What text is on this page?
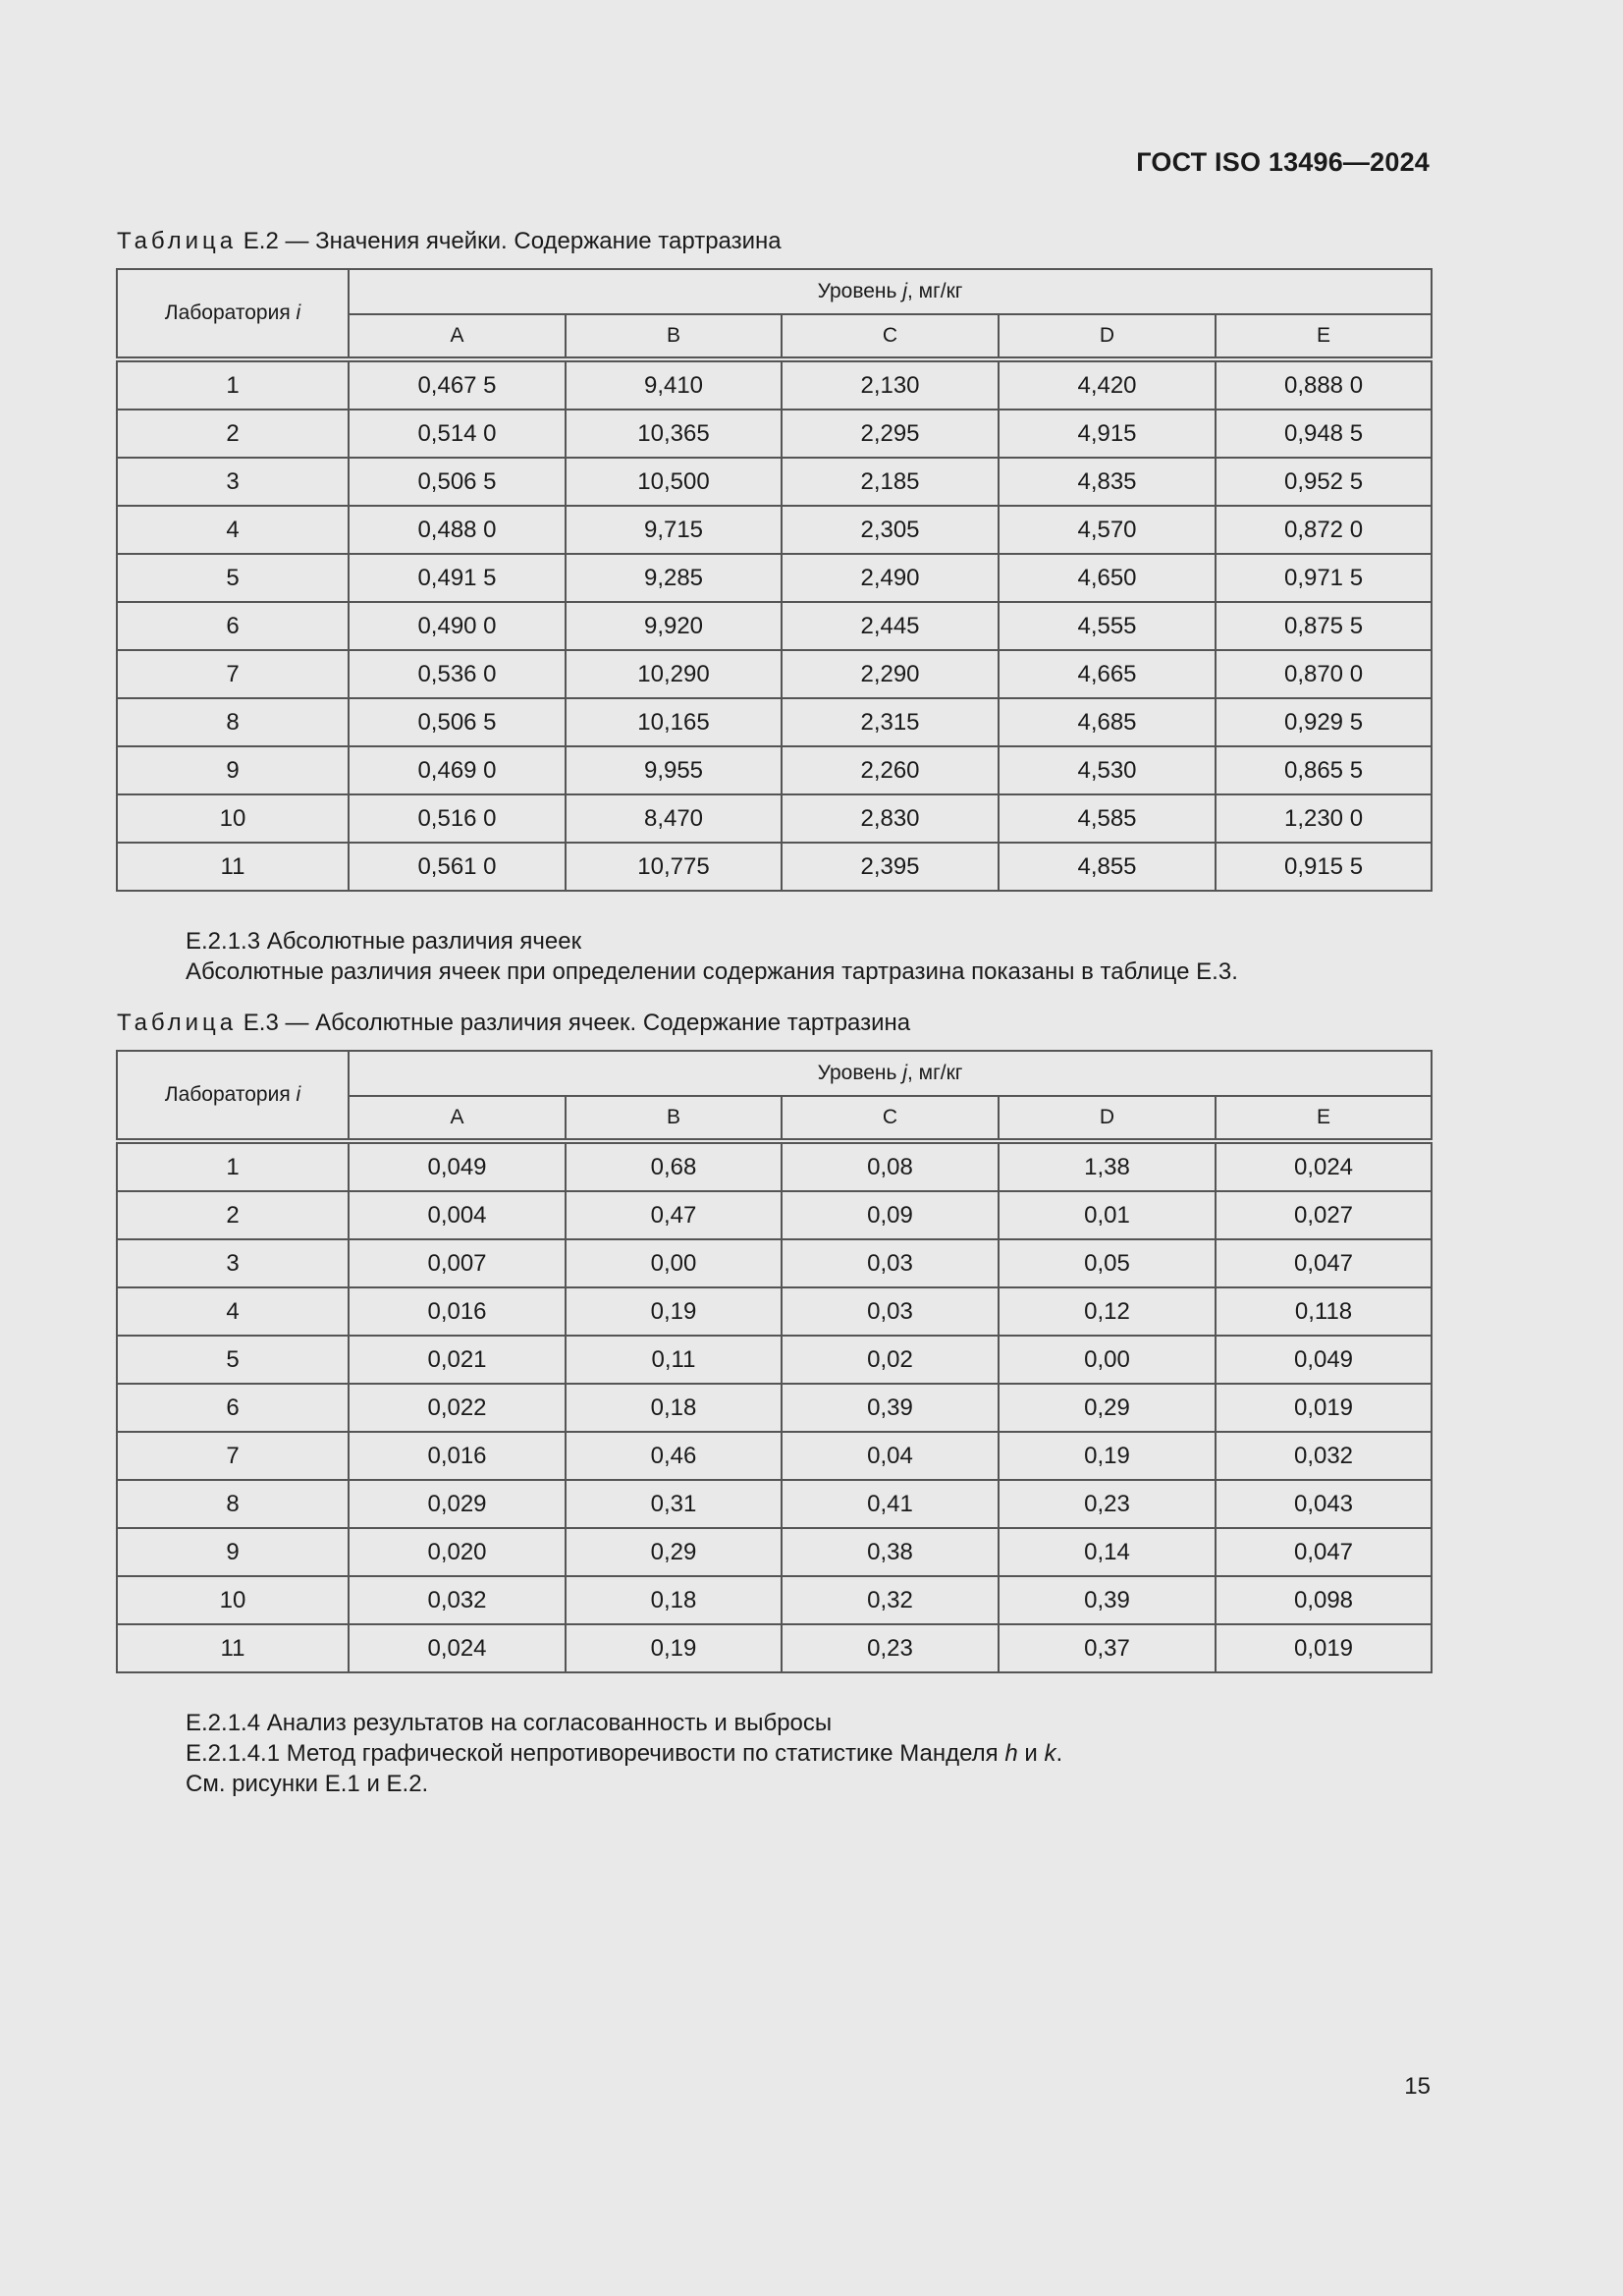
ГОСТ ISO 13496—2024
Таблица Е.2 — Значения ячейки. Содержание тартразина
Лаборатория i	Уровень j, мг/кг				
	A	B	C	D	E
1	0,467 5	9,410	2,130	4,420	0,888 0
2	0,514 0	10,365	2,295	4,915	0,948 5
3	0,506 5	10,500	2,185	4,835	0,952 5
4	0,488 0	9,715	2,305	4,570	0,872 0
5	0,491 5	9,285	2,490	4,650	0,971 5
6	0,490 0	9,920	2,445	4,555	0,875 5
7	0,536 0	10,290	2,290	4,665	0,870 0
8	0,506 5	10,165	2,315	4,685	0,929 5
9	0,469 0	9,955	2,260	4,530	0,865 5
10	0,516 0	8,470	2,830	4,585	1,230 0
11	0,561 0	10,775	2,395	4,855	0,915 5
Е.2.1.3 Абсолютные различия ячеек
Абсолютные различия ячеек при определении содержания тартразина показаны в таблице Е.3.
Таблица Е.3 — Абсолютные различия ячеек. Содержание тартразина
Лаборатория i	Уровень j, мг/кг				
	A	B	C	D	E
1	0,049	0,68	0,08	1,38	0,024
2	0,004	0,47	0,09	0,01	0,027
3	0,007	0,00	0,03	0,05	0,047
4	0,016	0,19	0,03	0,12	0,118
5	0,021	0,11	0,02	0,00	0,049
6	0,022	0,18	0,39	0,29	0,019
7	0,016	0,46	0,04	0,19	0,032
8	0,029	0,31	0,41	0,23	0,043
9	0,020	0,29	0,38	0,14	0,047
10	0,032	0,18	0,32	0,39	0,098
11	0,024	0,19	0,23	0,37	0,019
Е.2.1.4 Анализ результатов на согласованность и выбросы
Е.2.1.4.1 Метод графической непротиворечивости по статистике Манделя h и k.
См. рисунки Е.1 и Е.2.
15
